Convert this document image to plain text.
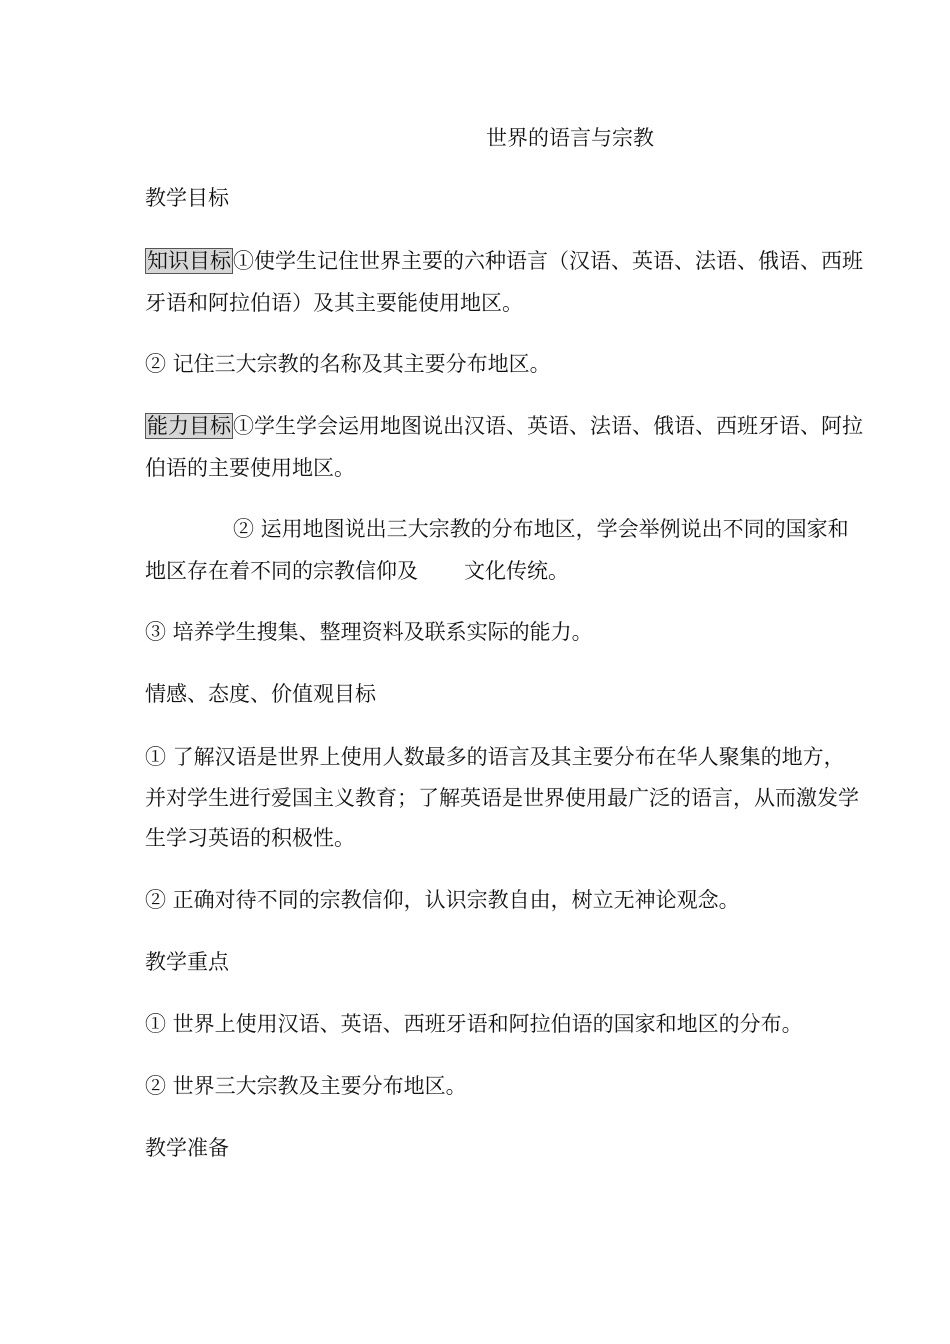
世界的语言与宗教
教学目标
知识目标①使学生记住世界主要的六种语言（汉语、英语、法语、俄语、西班
牙语和阿拉伯语）及其主要能使用地区。
② 记住三大宗教的名称及其主要分布地区。
能力目标①学生学会运用地图说出汉语、英语、法语、俄语、西班牙语、阿拉
伯语的主要使用地区。
② 运用地图说出三大宗教的分布地区，学会举例说出不同的国家和
地区存在着不同的宗教信仰及 文化传统。
③ 培养学生搜集、整理资料及联系实际的能力。
情感、态度、价值观目标
① 了解汉语是世界上使用人数最多的语言及其主要分布在华人聚集的地方，
并对学生进行爱国主义教育；了解英语是世界使用最广泛的语言，从而激发学
生学习英语的积极性。
② 正确对待不同的宗教信仰，认识宗教自由，树立无神论观念。
教学重点
① 世界上使用汉语、英语、西班牙语和阿拉伯语的国家和地区的分布。
② 世界三大宗教及主要分布地区。
教学准备
